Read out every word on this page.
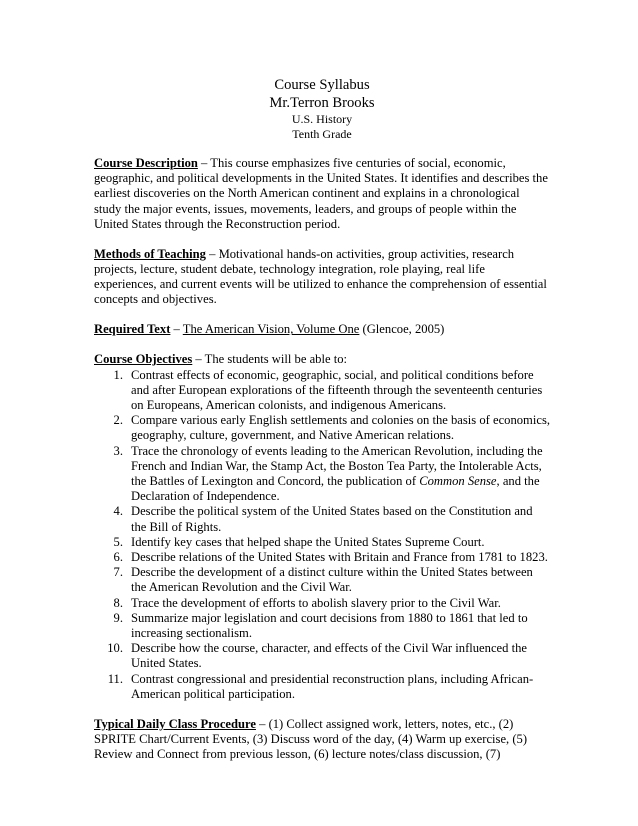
Course Syllabus
Mr.Terron Brooks
U.S. History
Tenth Grade

Course Description – This course emphasizes five centuries of social, economic, geographic, and political developments in the United States. It identifies and describes the earliest discoveries on the North American continent and explains in a chronological study the major events, issues, movements, leaders, and groups of people within the United States through the Reconstruction period.

Methods of Teaching – Motivational hands-on activities, group activities, research projects, lecture, student debate, technology integration, role playing, real life experiences, and current events will be utilized to enhance the comprehension of essential concepts and objectives.

Required Text – The American Vision, Volume One (Glencoe, 2005)

Course Objectives – The students will be able to:

1. Contrast effects of economic, geographic, social, and political conditions before and after European explorations of the fifteenth through the seventeenth centuries on Europeans, American colonists, and indigenous Americans.
2. Compare various early English settlements and colonies on the basis of economics, geography, culture, government, and Native American relations.
3. Trace the chronology of events leading to the American Revolution, including the French and Indian War, the Stamp Act, the Boston Tea Party, the Intolerable Acts, the Battles of Lexington and Concord, the publication of Common Sense, and the Declaration of Independence.
4. Describe the political system of the United States based on the Constitution and the Bill of Rights.
5. Identify key cases that helped shape the United States Supreme Court.
6. Describe relations of the United States with Britain and France from 1781 to 1823.
7. Describe the development of a distinct culture within the United States between the American Revolution and the Civil War.
8. Trace the development of efforts to abolish slavery prior to the Civil War.
9. Summarize major legislation and court decisions from 1880 to 1861 that led to increasing sectionalism.
10. Describe how the course, character, and effects of the Civil War influenced the United States.
11. Contrast congressional and presidential reconstruction plans, including African-American political participation.

Typical Daily Class Procedure – (1) Collect assigned work, letters, notes, etc., (2) SPRITE Chart/Current Events, (3) Discuss word of the day, (4) Warm up exercise, (5) Review and Connect from previous lesson, (6) lecture notes/class discussion, (7)
